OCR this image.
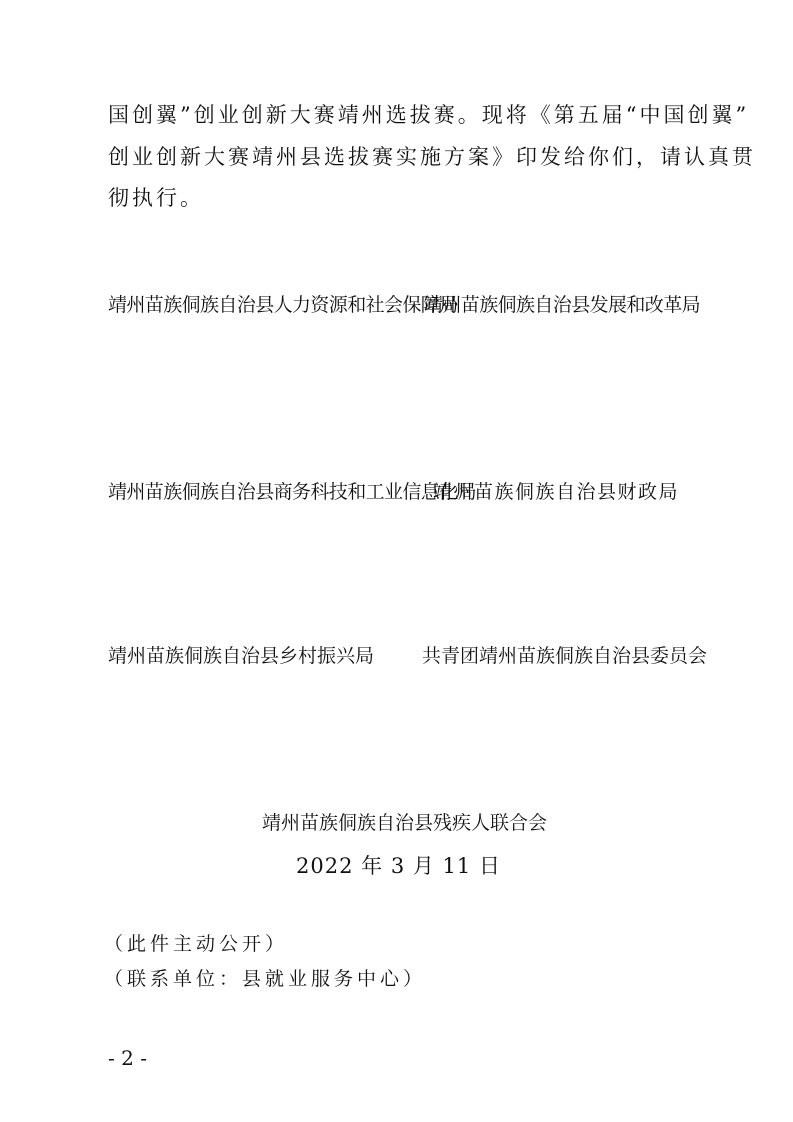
国创翼”创业创新大赛靖州选拔赛。现将《第五届“中国创翼”
创业创新大赛靖州县选拔赛实施方案》印发给你们，请认真贯
彻执行。
靖州苗族侗族自治县人力资源和社会保障局
靖州苗族侗族自治县发展和改革局
靖州苗族侗族自治县商务科技和工业信息化局
靖州苗族侗族自治县财政局
靖州苗族侗族自治县乡村振兴局	共青团靖州苗族侗族自治县委员会
靖州苗族侗族自治县残疾人联合会
2022 年 3 月 11 日
（此件主动公开）
（联系单位：县就业服务中心）
- 2 -
